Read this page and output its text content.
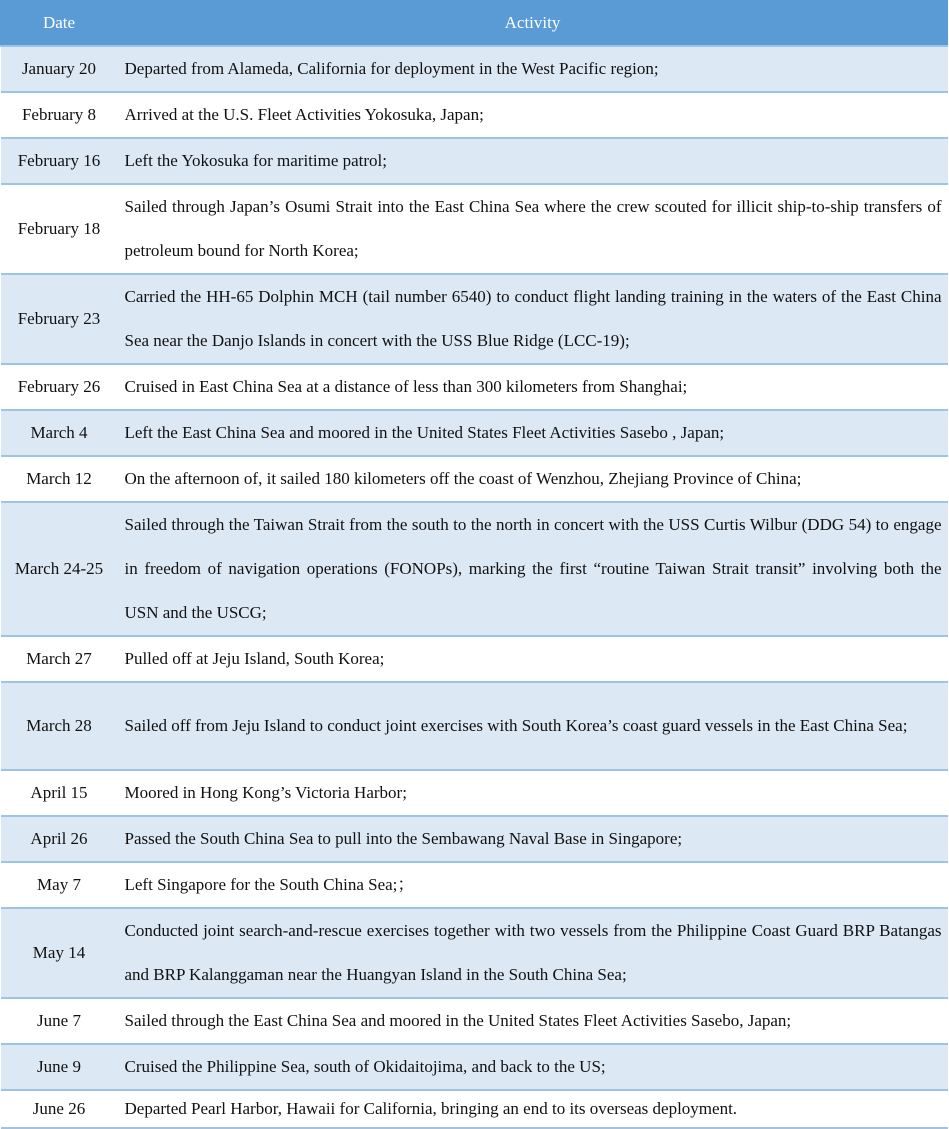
Date	Activity
January 20	Departed from Alameda, California for deployment in the West Pacific region;
February 8	Arrived at the U.S. Fleet Activities Yokosuka, Japan;
February 16	Left the Yokosuka for maritime patrol;
February 18	Sailed through Japan’s Osumi Strait into the East China Sea where the crew scouted for illicit ship-to-ship transfers of petroleum bound for North Korea;
February 23	Carried the HH-65 Dolphin MCH (tail number 6540) to conduct flight landing training in the waters of the East China Sea near the Danjo Islands in concert with the USS Blue Ridge (LCC-19);
February 26	Cruised in East China Sea at a distance of less than 300 kilometers from Shanghai;
March 4	Left the East China Sea and moored in the United States Fleet Activities Sasebo , Japan;
March 12	On the afternoon of, it sailed 180 kilometers off the coast of Wenzhou, Zhejiang Province of China;
March 24-25	Sailed through the Taiwan Strait from the south to the north in concert with the USS Curtis Wilbur (DDG 54) to engage in freedom of navigation operations (FONOPs), marking the first “routine Taiwan Strait transit” involving both the USN and the USCG;
March 27	Pulled off at Jeju Island, South Korea;
March 28	Sailed off from Jeju Island to conduct joint exercises with South Korea’s coast guard vessels in the East China Sea;
April 15	Moored in Hong Kong’s Victoria Harbor;
April 26	Passed the South China Sea to pull into the Sembawang Naval Base in Singapore;
May 7	Left Singapore for the South China Sea;；
May 14	Conducted joint search-and-rescue exercises together with two vessels from the Philippine Coast Guard BRP Batangas and BRP Kalanggaman near the Huangyan Island in the South China Sea;
June 7	Sailed through the East China Sea and moored in the United States Fleet Activities Sasebo, Japan;
June 9	Cruised the Philippine Sea, south of Okidaitojima, and back to the US;
June 26	Departed Pearl Harbor, Hawaii for California, bringing an end to its overseas deployment.
